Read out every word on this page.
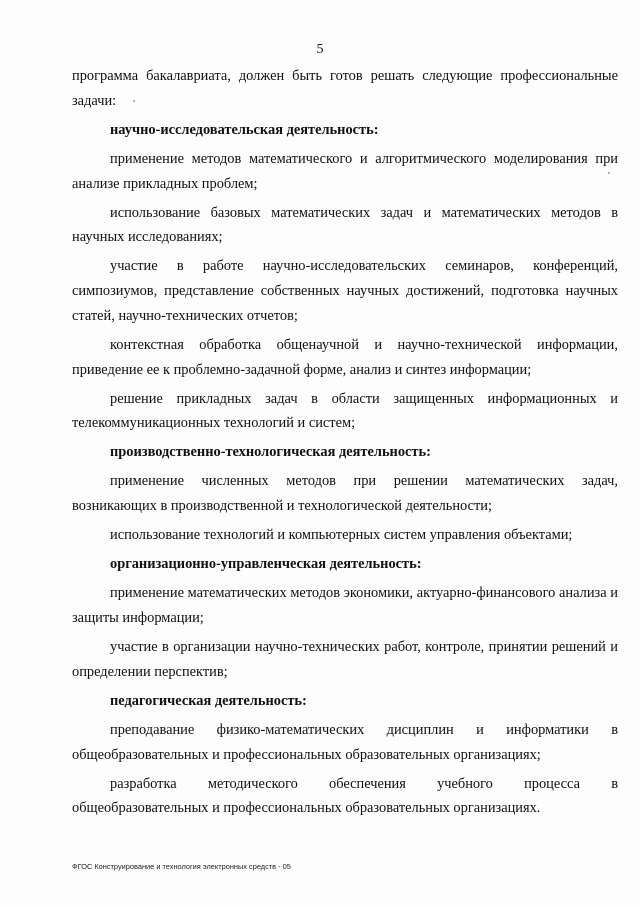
5

программа бакалавриата, должен быть готов решать следующие профессиональные задачи:

научно-исследовательская деятельность:

применение методов математического и алгоритмического моделирования при анализе прикладных проблем;

использование базовых математических задач и математических методов в научных исследованиях;

участие в работе научно-исследовательских семинаров, конференций, симпозиумов, представление собственных научных достижений, подготовка научных статей, научно-технических отчетов;

контекстная обработка общенаучной и научно-технической информации, приведение ее к проблемно-задачной форме, анализ и синтез информации;

решение прикладных задач в области защищенных информационных и телекоммуникационных технологий и систем;

производственно-технологическая деятельность:

применение численных методов при решении математических задач, возникающих в производственной и технологической деятельности;

использование технологий и компьютерных систем управления объектами;

организационно-управленческая деятельность:

применение математических методов экономики, актуарно-финансового анализа и защиты информации;

участие в организации научно-технических работ, контроле, принятии решений и определении перспектив;

педагогическая деятельность:

преподавание физико-математических дисциплин и информатики в общеобразовательных и профессиональных образовательных организациях;

разработка методического обеспечения учебного процесса в общеобразовательных и профессиональных образовательных организациях.

ФГОС Конструирование и технология электронных средств - 05
